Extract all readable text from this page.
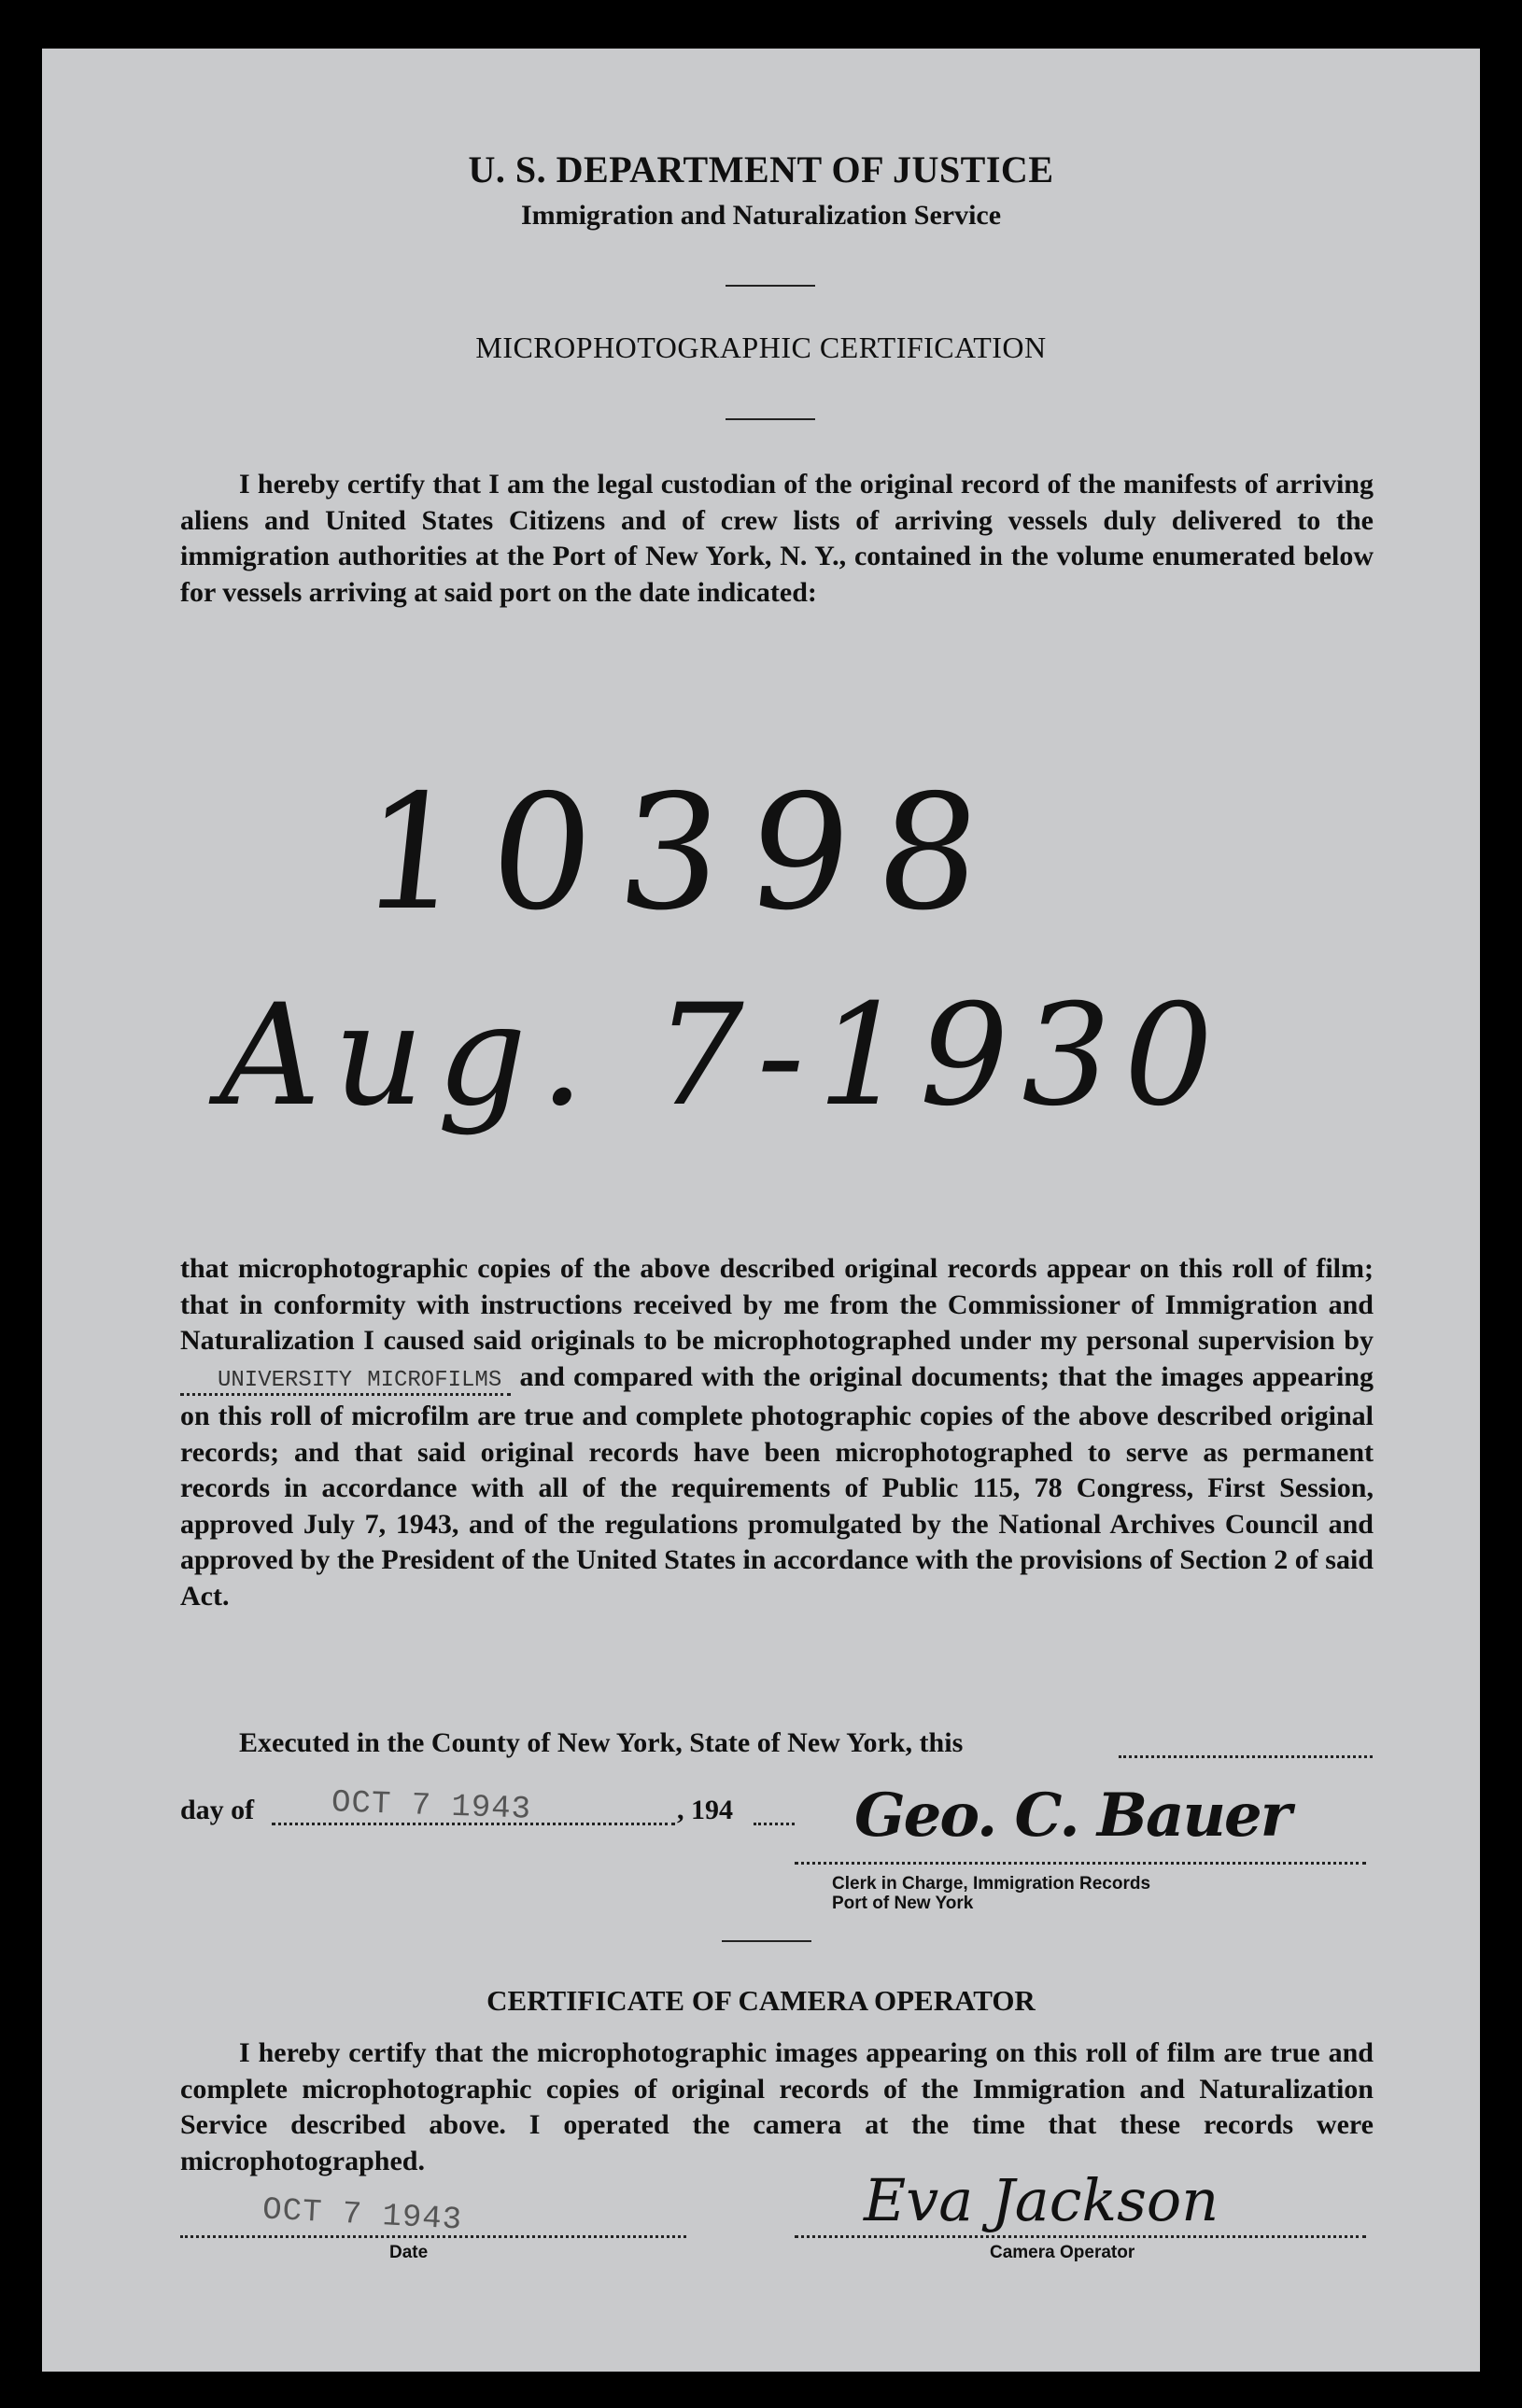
U. S. DEPARTMENT OF JUSTICE
Immigration and Naturalization Service
MICROPHOTOGRAPHIC CERTIFICATION
I hereby certify that I am the legal custodian of the original record of the manifests of arriving aliens and United States Citizens and of crew lists of arriving vessels duly delivered to the immigration authorities at the Port of New York, N. Y., contained in the volume enumerated below for vessels arriving at said port on the date indicated:
10398
Aug. 7-1930
that microphotographic copies of the above described original records appear on this roll of film; that in conformity with instructions received by me from the Commissioner of Immigration and Naturalization I caused said originals to be microphotographed under my personal supervision by UNIVERSITY MICROFILMS and compared with the original documents; that the images appearing on this roll of microfilm are true and complete photographic copies of the above described original records; and that said original records have been microphotographed to serve as permanent records in accordance with all of the requirements of Public 115, 78 Congress, First Session, approved July 7, 1943, and of the regulations promulgated by the National Archives Council and approved by the President of the United States in accordance with the provisions of Section 2 of said Act.
Executed in the County of New York, State of New York, this
day of OCT 7 1943	, 194 Geo. C. Bauer
Clerk in Charge, Immigration Records
Port of New York
CERTIFICATE OF CAMERA OPERATOR
I hereby certify that the microphotographic images appearing on this roll of film are true and complete microphotographic copies of original records of the Immigration and Naturalization Service described above. I operated the camera at the time that these records were microphotographed.
OCT 7 1943
Date
Eva Jackson
Camera Operator
